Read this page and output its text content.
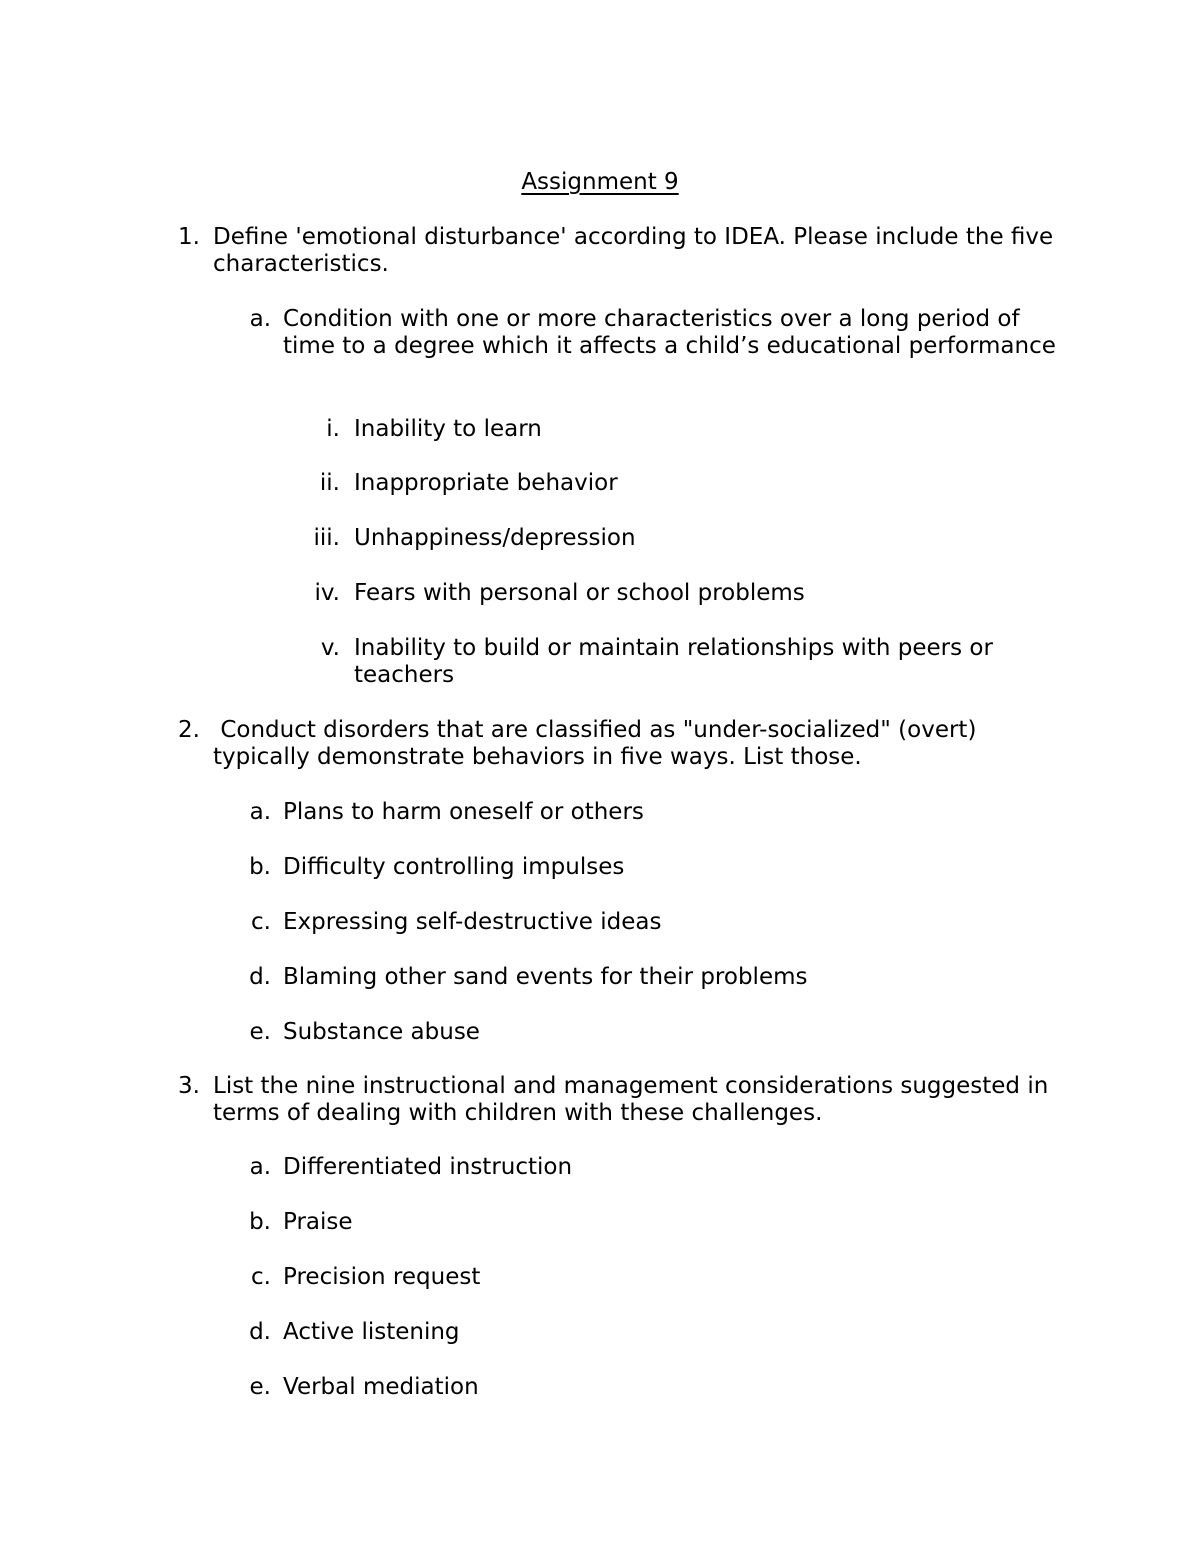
Assignment 9
1. Define 'emotional disturbance' according to IDEA. Please include the five characteristics.
a. Condition with one or more characteristics over a long period of time to a degree which it affects a child’s educational performance
i. Inability to learn
ii. Inappropriate behavior
iii. Unhappiness/depression
iv. Fears with personal or school problems
v. Inability to build or maintain relationships with peers or teachers
2. Conduct disorders that are classified as "under-socialized" (overt) typically demonstrate behaviors in five ways. List those.
a. Plans to harm oneself or others
b. Difficulty controlling impulses
c. Expressing self-destructive ideas
d. Blaming other sand events for their problems
e. Substance abuse
3. List the nine instructional and management considerations suggested in terms of dealing with children with these challenges.
a. Differentiated instruction
b. Praise
c. Precision request
d. Active listening
e. Verbal mediation
